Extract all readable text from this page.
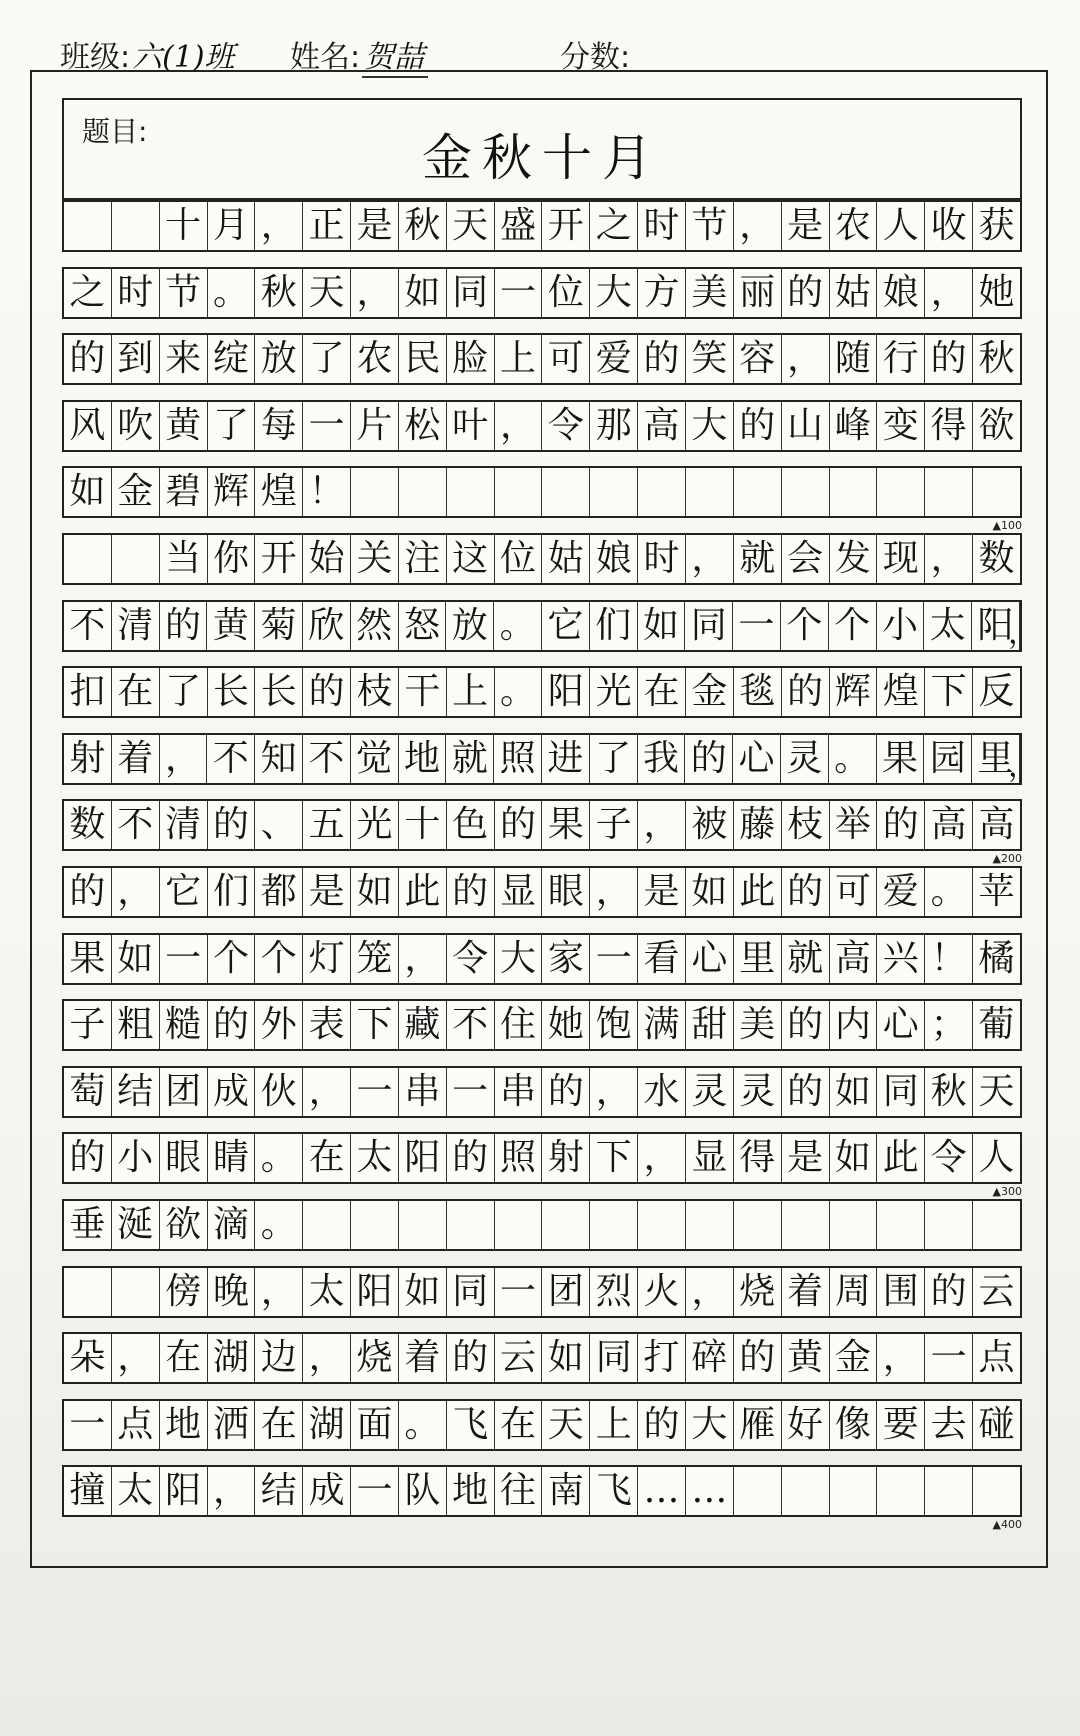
班级:六(1)班 姓名: 贺喆	分数:
题目:	金秋十月
十 月 ， 正 是 秋 天 盛 开 之 时 节 ， 是 农 人 收 获
之 时 节 。 秋 天 ， 如 同 一 位 大 方 美 丽 的 姑 娘 ， 她
的 到 来 绽 放 了 农 民 脸 上 可 爱 的 笑 容 ， 随 行 的 秋
风 吹 黄 了 每 一 片 松 叶 ， 令 那 高 大 的 山 峰 变 得 欲
如 金 碧 辉 煌 ！
▲100
当 你 开 始 关 注 这 位 姑 娘 时 ， 就 会 发 现 ， 数
不 清 的 黄 菊 欣 然 怒 放 。 它 们 如 同 一 个 个 小 太 阳
，
扣 在 了 长 长 的 枝 干 上 。 阳 光 在 金 毯 的 辉 煌 下 反
射 着 ， 不 知 不 觉 地 就 照 进 了 我 的 心 灵 。 果 园 里
，
数 不 清 的 、 五 光 十 色 的 果 子 ， 被 藤 枝 举 的 高 高
▲200
的 ， 它 们 都 是 如 此 的 显 眼 ， 是 如 此 的 可 爱 。 苹
果 如 一 个 个 灯 笼 ， 令 大 家 一 看 心 里 就 高 兴 ！ 橘
子 粗 糙 的 外 表 下 藏 不 住 她 饱 满 甜 美 的 内 心 ； 葡
萄 结 团 成 伙 ， 一 串 一 串 的 ， 水 灵 灵 的 如 同 秋 天
的 小 眼 睛 。 在 太 阳 的 照 射 下 ， 显 得 是 如 此 令 人
▲300
垂 涎 欲 滴 。
傍 晚 ， 太 阳 如 同 一 团 烈 火 ， 烧 着 周 围 的 云
朵 ， 在 湖 边 ， 烧 着 的 云 如 同 打 碎 的 黄 金 ， 一 点
一 点 地 洒 在 湖 面 。 飞 在 天 上 的 大 雁 好 像 要 去 碰
撞 太 阳 ， 结 成 一 队 地 往 南 飞 … …
▲400
